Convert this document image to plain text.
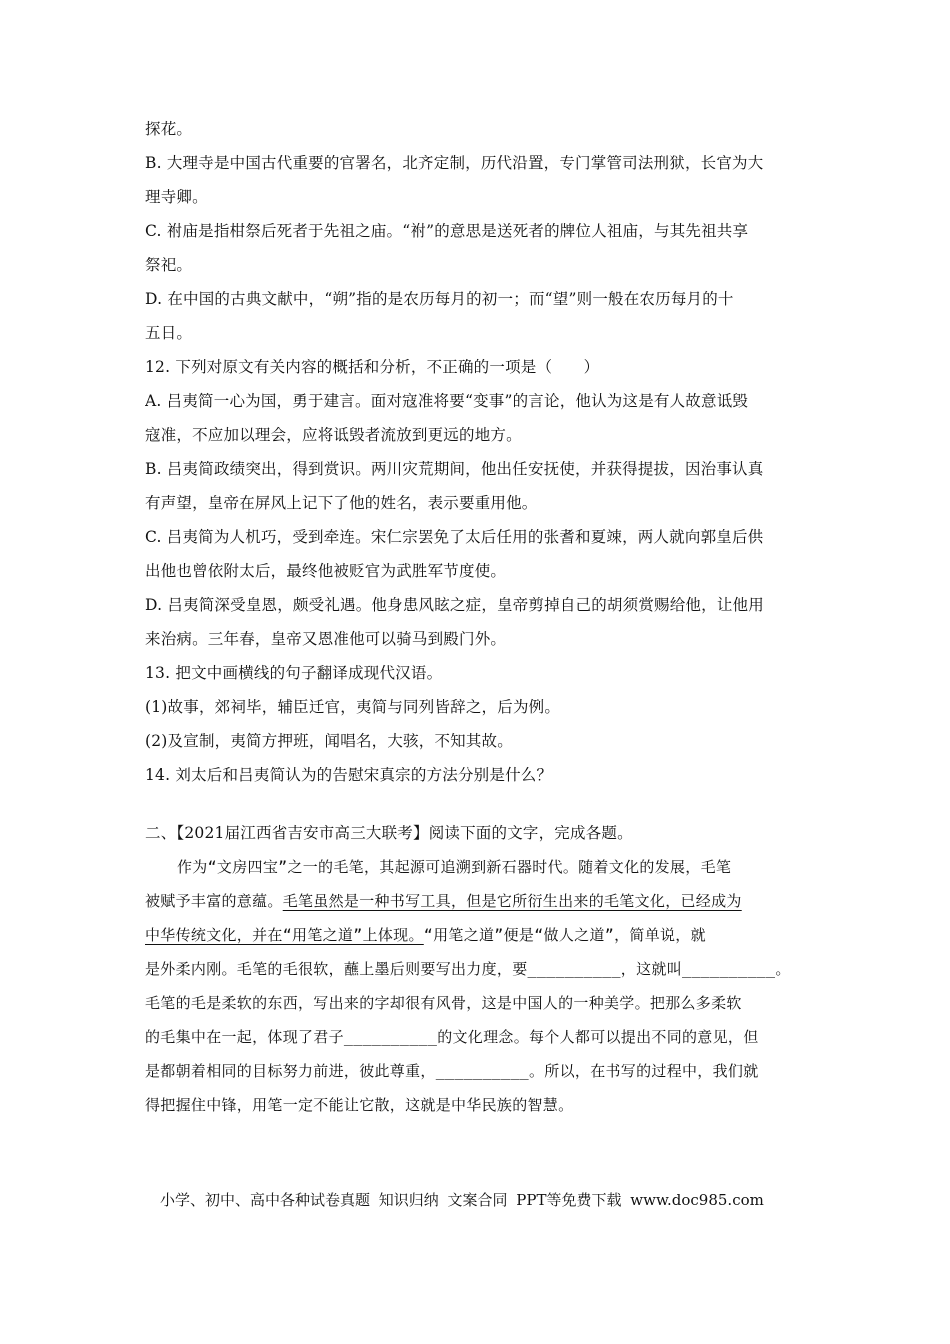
探花。
B. 大理寺是中国古代重要的官署名，北齐定制，历代沿置，专门掌管司法刑狱，长官为大
理寺卿。
C. 祔庙是指柑祭后死者于先祖之庙。“祔”的意思是送死者的牌位人祖庙，与其先祖共享
祭祀。
D. 在中国的古典文献中，“朔”指的是农历每月的初一；而“望”则一般在农历每月的十
五日。
12. 下列对原文有关内容的概括和分析，不正确的一项是（　　）
A. 吕夷简一心为国，勇于建言。面对寇准将要“变事”的言论，他认为这是有人故意诋毁
寇准，不应加以理会，应将诋毁者流放到更远的地方。
B. 吕夷简政绩突出，得到赏识。两川灾荒期间，他出任安抚使，并获得提拔，因治事认真
有声望，皇帝在屏风上记下了他的姓名，表示要重用他。
C. 吕夷简为人机巧，受到牵连。宋仁宗罢免了太后任用的张耆和夏竦，两人就向郭皇后供
出他也曾依附太后，最终他被贬官为武胜军节度使。
D. 吕夷简深受皇恩，颇受礼遇。他身患风眩之症，皇帝剪掉自己的胡须赏赐给他，让他用
来治病。三年春，皇帝又恩准他可以骑马到殿门外。
13. 把文中画横线的句子翻译成现代汉语。
(1)故事，郊祠毕，辅臣迁官，夷简与同列皆辞之，后为例。
(2)及宣制，夷简方押班，闻唱名，大骇，不知其故。
14. 刘太后和吕夷简认为的告慰宋真宗的方法分别是什么？
二、【2021届江西省吉安市高三大联考】阅读下面的文字，完成各题。
作为“文房四宝”之一的毛笔，其起源可追溯到新石器时代。随着文化的发展，毛笔
被赋予丰富的意蕴。毛笔虽然是一种书写工具，但是它所衍生出来的毛笔文化，已经成为
中华传统文化，并在“用笔之道”上体现。“用笔之道”便是“做人之道”，简单说，就
是外柔内刚。毛笔的毛很软，蘸上墨后则要写出力度，要__________，这就叫__________。
毛笔的毛是柔软的东西，写出来的字却很有风骨，这是中国人的一种美学。把那么多柔软
的毛集中在一起，体现了君子__________的文化理念。每个人都可以提出不同的意见，但
是都朝着相同的目标努力前进，彼此尊重，__________。所以，在书写的过程中，我们就
得把握住中锋，用笔一定不能让它散，这就是中华民族的智慧。
小学、初中、高中各种试卷真题 知识归纳 文案合同 PPT等免费下载 www.doc985.com
